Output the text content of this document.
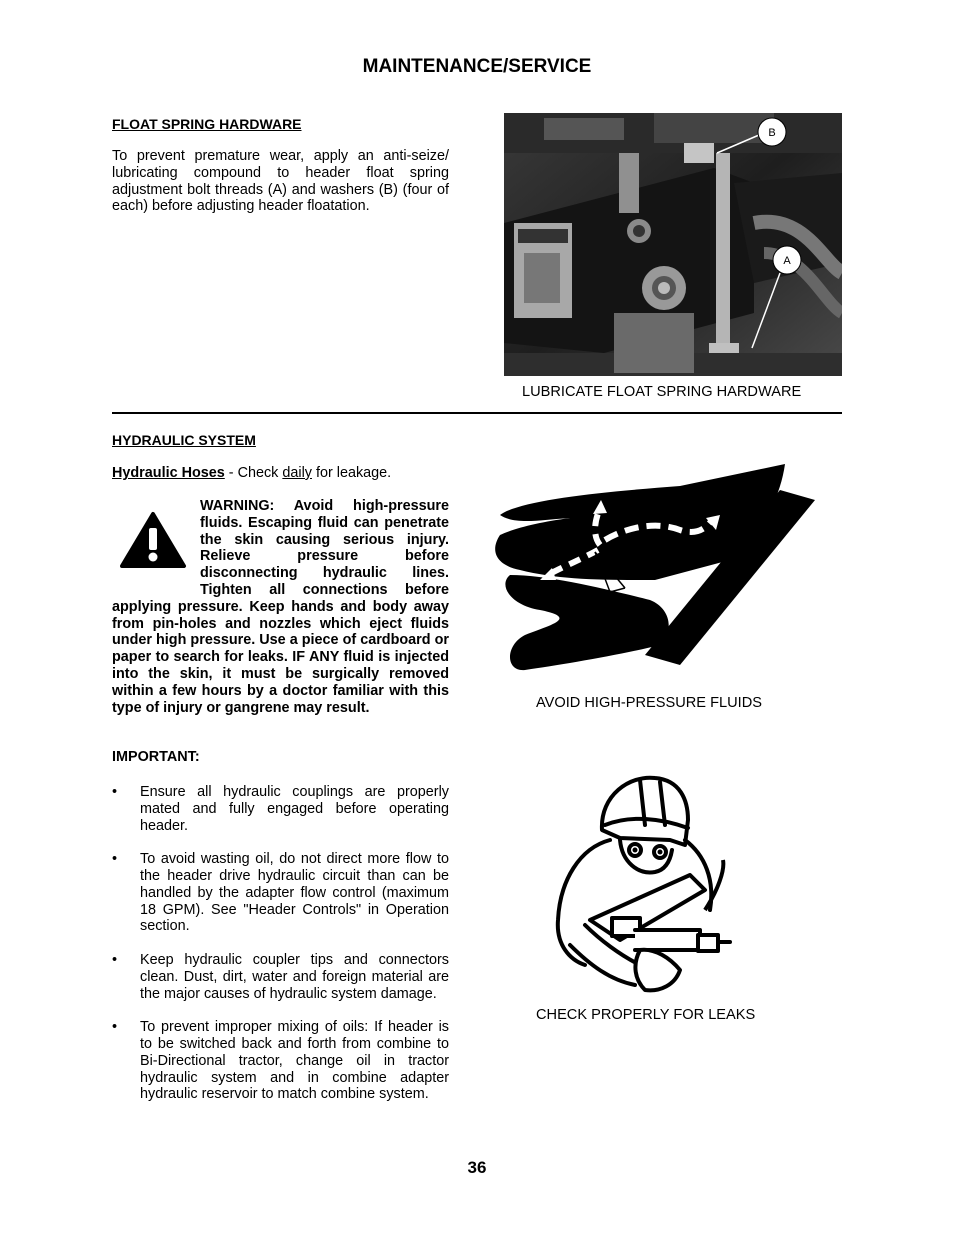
MAINTENANCE/SERVICE
FLOAT SPRING HARDWARE
To prevent premature wear, apply an anti-seize/ lubricating compound to header float spring adjustment bolt threads (A) and washers (B) (four of each) before adjusting header floatation.
B
A
LUBRICATE FLOAT SPRING HARDWARE
HYDRAULIC SYSTEM
Hydraulic Hoses - Check daily for leakage.
WARNING: Avoid high-pressure fluids. Escaping fluid can penetrate the skin causing serious injury. Relieve pressure before disconnecting hydraulic lines. Tighten all connections before applying pressure. Keep hands and body away from pin-holes and nozzles which eject fluids under high pressure. Use a piece of cardboard or paper to search for leaks. IF ANY fluid is injected into the skin, it must be surgically removed within a few hours by a doctor familiar with this type of injury or gangrene may result.
IMPORTANT:
• Ensure all hydraulic couplings are properly mated and fully engaged before operating header.
• To avoid wasting oil, do not direct more flow to the header drive hydraulic circuit than can be handled by the adapter flow control (maximum 18 GPM). See "Header Controls" in Operation section.
• Keep hydraulic coupler tips and connectors clean. Dust, dirt, water and foreign material are the major causes of hydraulic system damage.
• To prevent improper mixing of oils: If header is to be switched back and forth from combine to Bi-Directional tractor, change oil in tractor hydraulic system and in combine adapter hydraulic reservoir to match combine system.
AVOID HIGH-PRESSURE FLUIDS
CHECK PROPERLY FOR LEAKS
36
